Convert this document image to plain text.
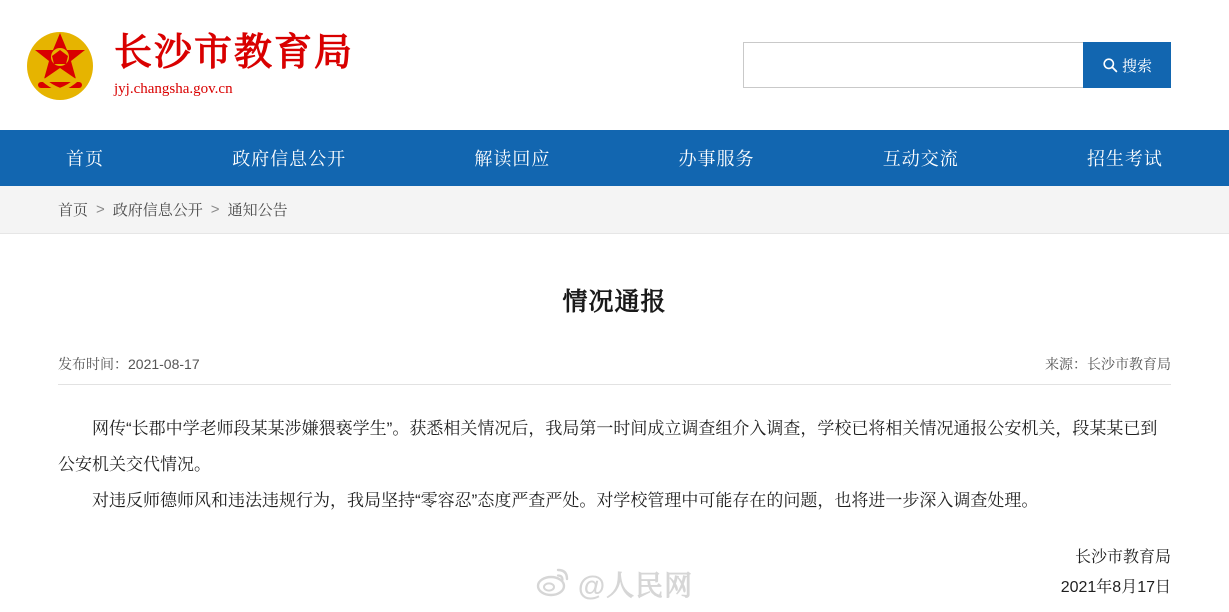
长沙市教育局
jyj.changsha.gov.cn
搜索
首页	政府信息公开	解读回应	办事服务	互动交流	招生考试
首页 > 政府信息公开 > 通知公告
情况通报
发布时间：2021-08-17	来源：长沙市教育局

网传“长郡中学老师段某某涉嫌猥亵学生”。获悉相关情况后，我局第一时间成立调查组介入调查，学校已将相关情况通报公安机关，段某某已到公安机关交代情况。

对违反师德师风和违法违规行为，我局坚持“零容忍”态度严查严处。对学校管理中可能存在的问题，也将进一步深入调查处理。

长沙市教育局
2021年8月17日
@人民网
